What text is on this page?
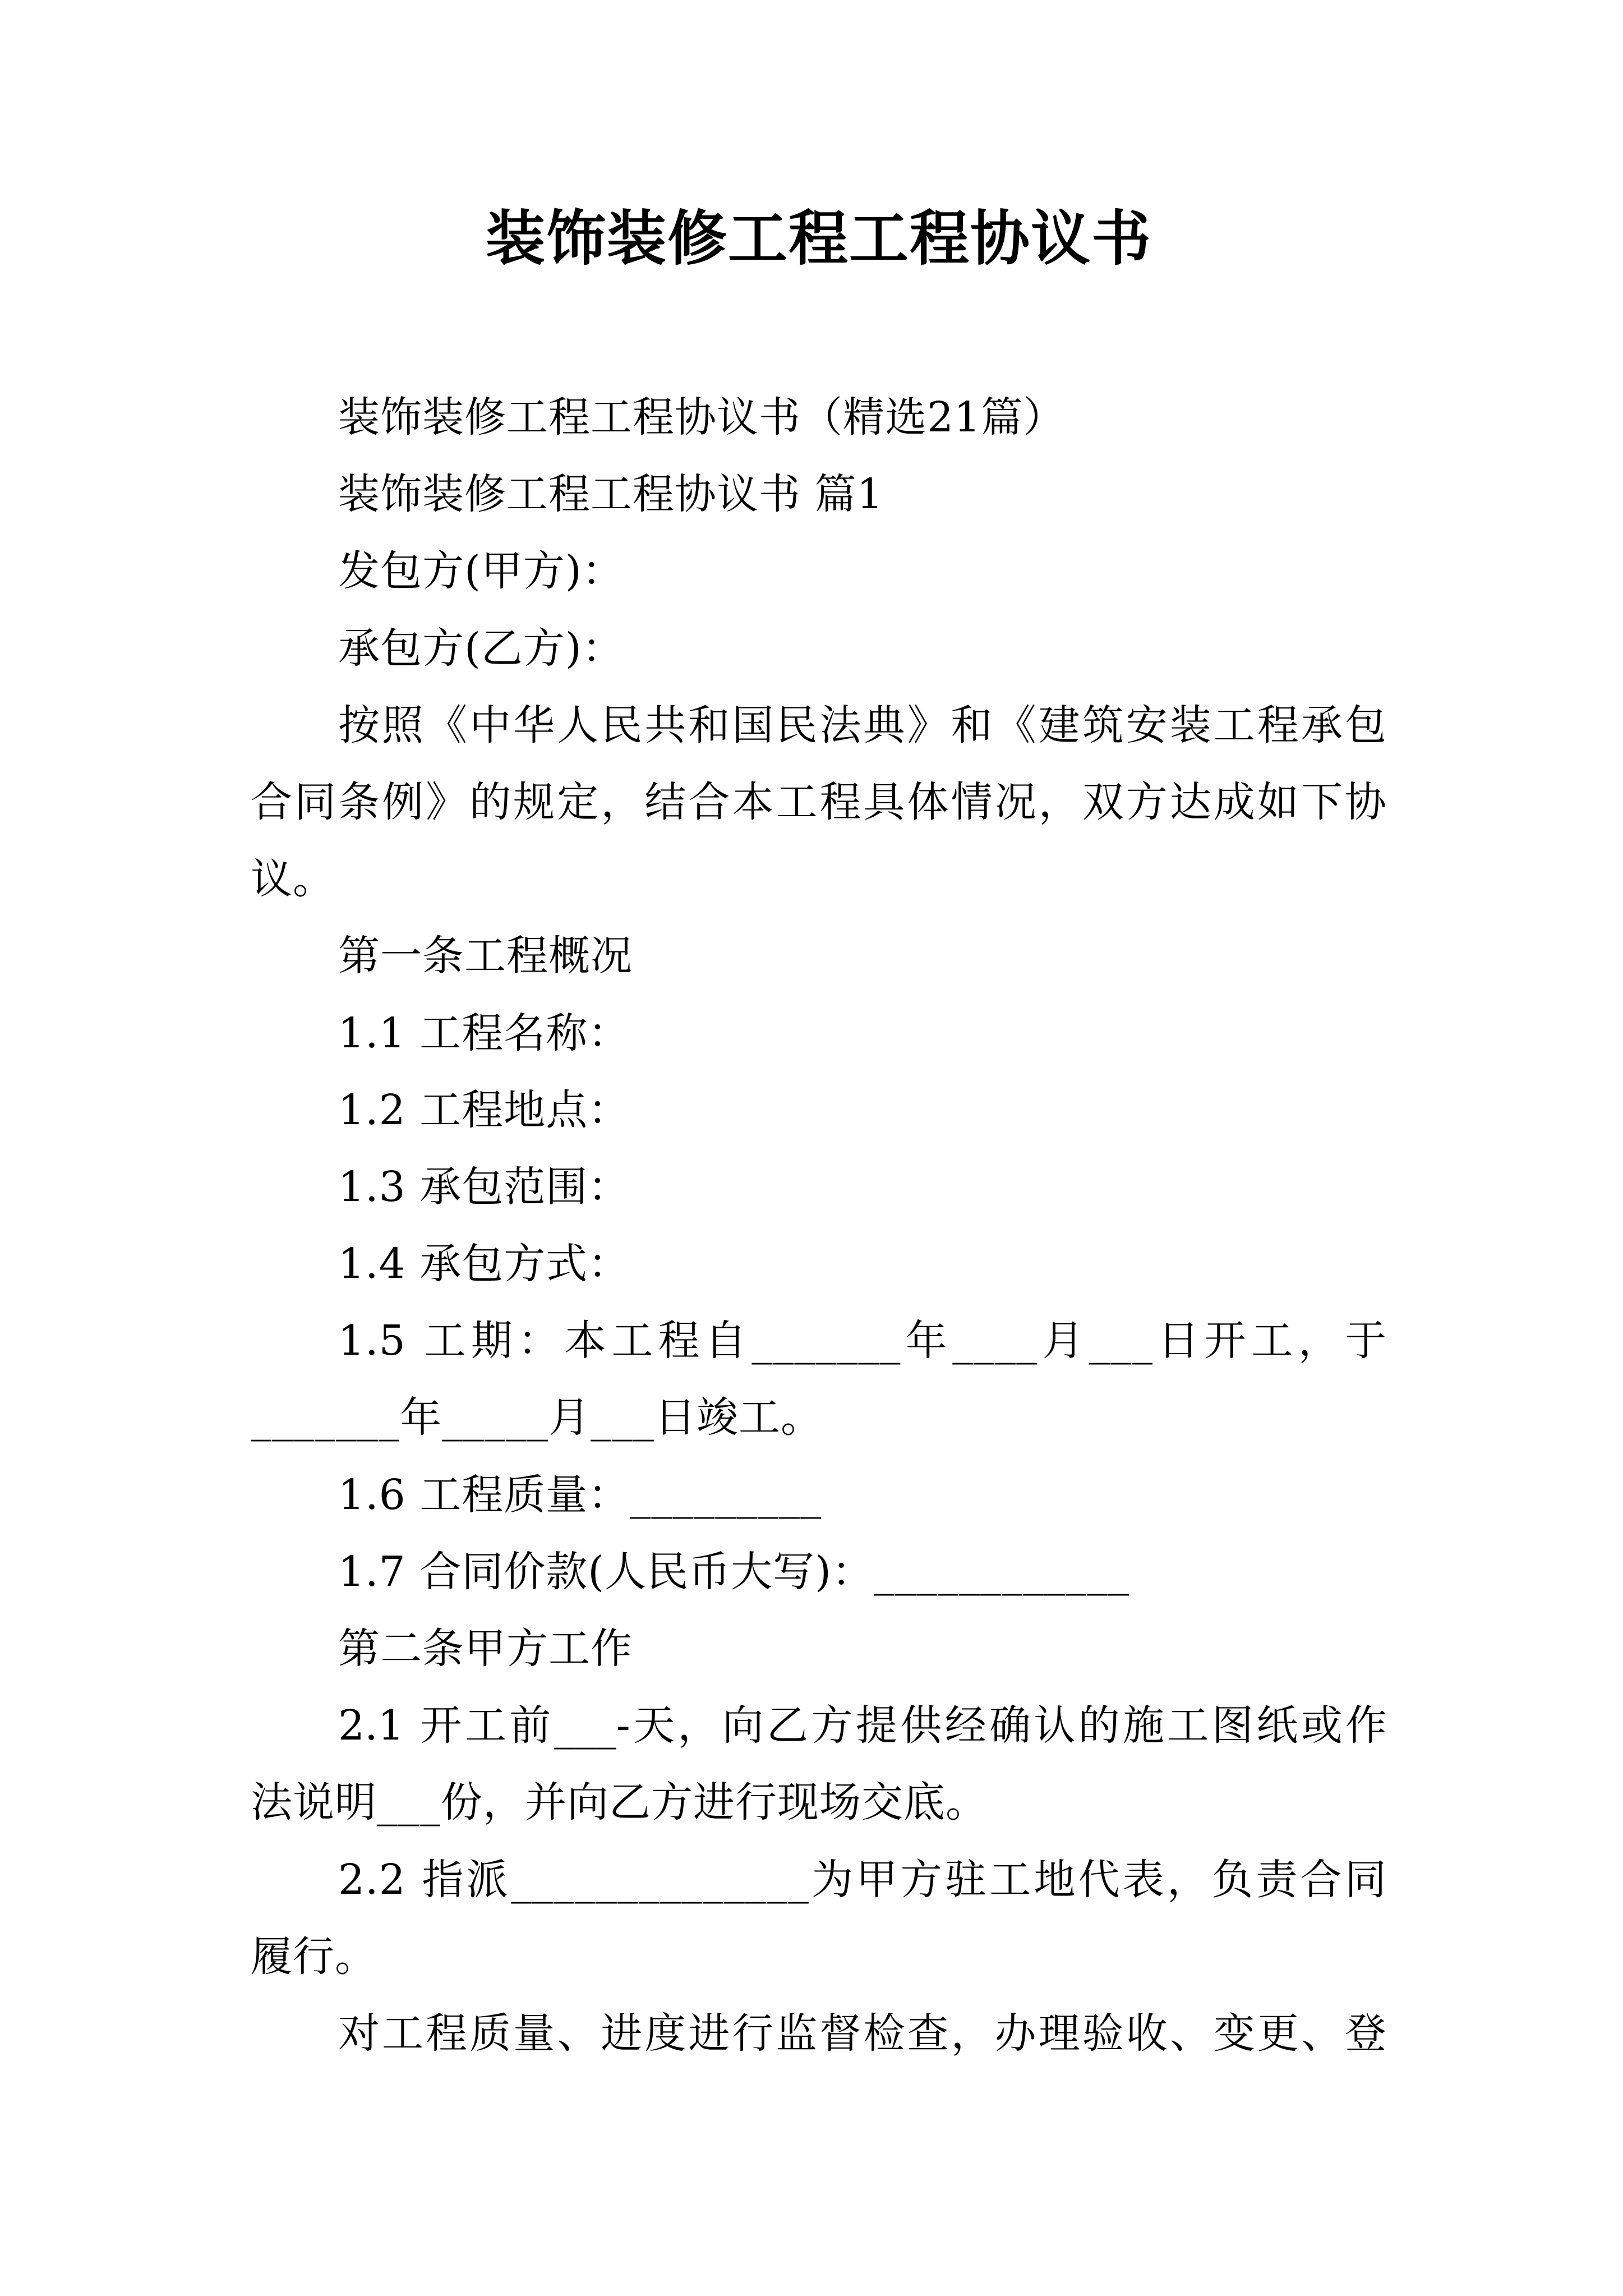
装饰装修工程工程协议书
装饰装修工程工程协议书（精选21篇）
装饰装修工程工程协议书 篇1
发包方(甲方)：
承包方(乙方)：
按照《中华人民共和国民法典》和《建筑安装工程承包
合同条例》的规定，结合本工程具体情况，双方达成如下协
议。
第一条工程概况
1.1 工程名称：
1.2 工程地点：
1.3 承包范围：
1.4 承包方式：
1.5 工期：本工程自_______年____月___日开工，于
_______年_____月___日竣工。
1.6 工程质量：_________
1.7 合同价款(人民币大写)：____________
第二条甲方工作
2.1 开工前___-天，向乙方提供经确认的施工图纸或作
法说明___份，并向乙方进行现场交底。
2.2 指派______________为甲方驻工地代表，负责合同
履行。
对工程质量、进度进行监督检查，办理验收、变更、登
